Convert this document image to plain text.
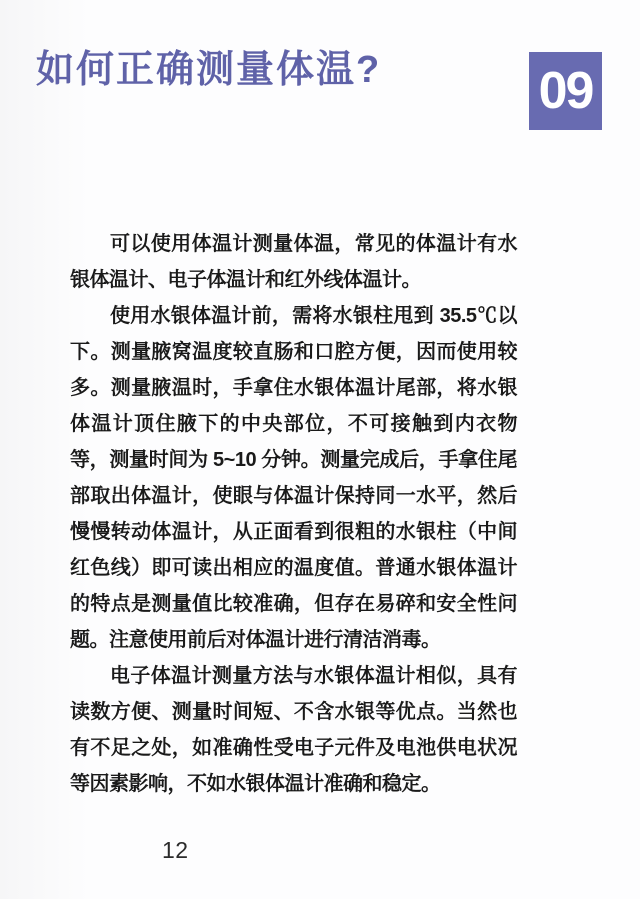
如何正确测量体温?	09

可以使用体温计测量体温，常见的体温计有水银体温计、电子体温计和红外线体温计。

使用水银体温计前，需将水银柱甩到 35.5℃以下。测量腋窝温度较直肠和口腔方便，因而使用较多。测量腋温时，手拿住水银体温计尾部，将水银体温计顶住腋下的中央部位，不可接触到内衣物等，测量时间为 5~10 分钟。测量完成后，手拿住尾部取出体温计，使眼与体温计保持同一水平，然后慢慢转动体温计，从正面看到很粗的水银柱（中间红色线）即可读出相应的温度值。普通水银体温计的特点是测量值比较准确，但存在易碎和安全性问题。注意使用前后对体温计进行清洁消毒。

电子体温计测量方法与水银体温计相似，具有读数方便、测量时间短、不含水银等优点。当然也有不足之处，如准确性受电子元件及电池供电状况等因素影响，不如水银体温计准确和稳定。

12
